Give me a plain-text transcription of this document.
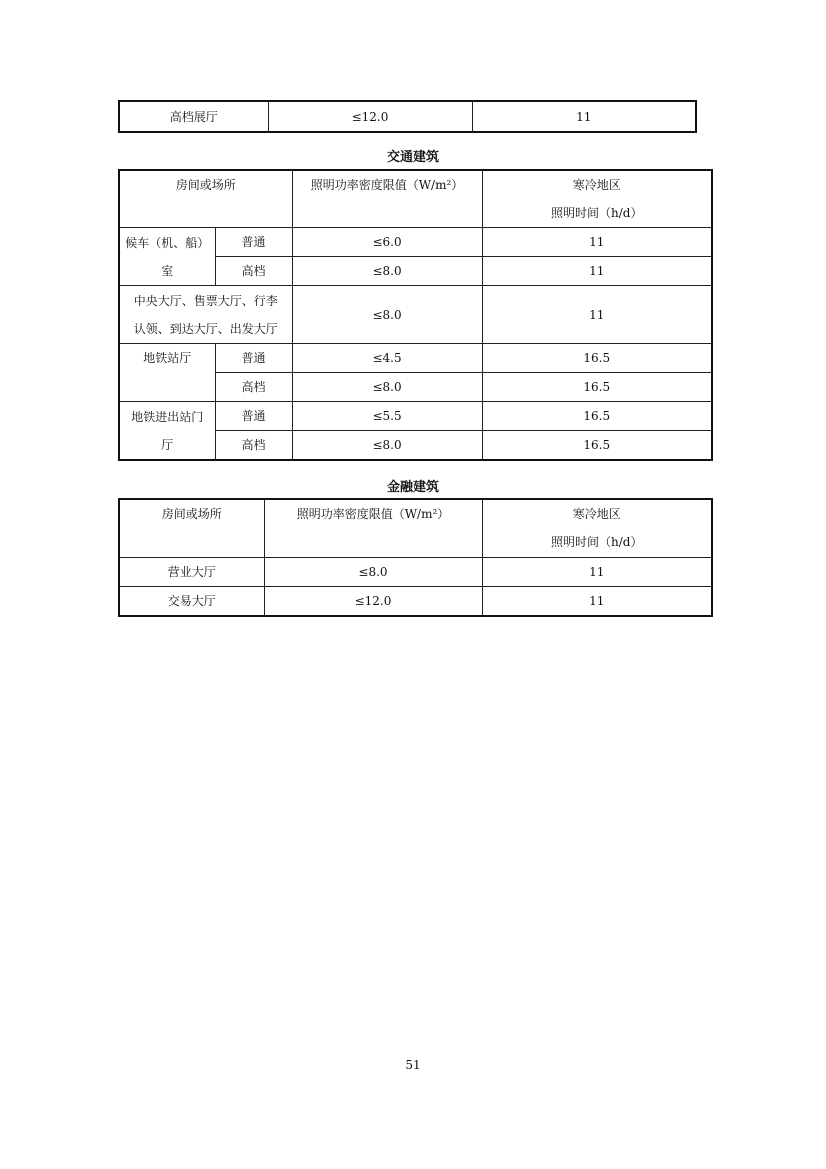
高档展厅	≤12.0	11
交通建筑
房间或场所		照明功率密度限值（W/m²）	寒冷地区
照明时间（h/d）

候车（机、船）
室	普通	≤6.0	11
	高档	≤8.0	11

中央大厅、售票大厅、行李
认领、到达大厅、出发大厅		≤8.0	11

地铁站厅	普通	≤4.5	16.5
	高档	≤8.0	16.5

地铁进出站门
厅	普通	≤5.5	16.5
	高档	≤8.0	16.5
金融建筑
房间或场所	照明功率密度限值（W/m²）	寒冷地区
照明时间（h/d）

营业大厅	≤8.0	11
交易大厅	≤12.0	11
51
